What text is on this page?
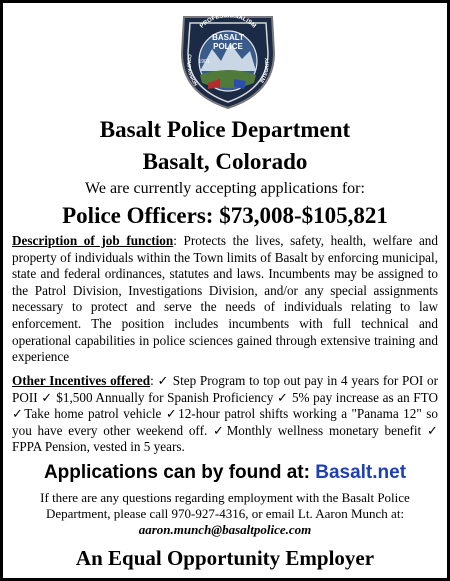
PROFESSIONALISM
COMPASSION	INTEGRITY
BASALT
POLICE
1901
Basalt Police Department
Basalt, Colorado
We are currently accepting applications for:
Police Officers: $73,008-$105,821
Description of job function: Protects the lives, safety, health, welfare and property of individuals within the Town limits of Basalt by enforcing municipal, state and federal ordinances, statutes and laws. Incumbents may be assigned to the Patrol Division, Investigations Division, and/or any special assignments necessary to protect and serve the needs of individuals relating to law enforcement. The position includes incumbents with full technical and operational capabilities in police sciences gained through extensive training and experience
Other Incentives offered: ✓ Step Program to top out pay in 4 years for POI or POII ✓ $1,500 Annually for Spanish Proficiency ✓ 5% pay increase as an FTO ✓Take home patrol vehicle ✓12-hour patrol shifts working a "Panama 12" so you have every other weekend off. ✓Monthly wellness monetary benefit ✓ FPPA Pension, vested in 5 years.
Applications can by found at: Basalt.net
If there are any questions regarding employment with the Basalt Police
Department, please call 970-927-4316, or email Lt. Aaron Munch at:
aaron.munch@basaltpolice.com
An Equal Opportunity Employer
